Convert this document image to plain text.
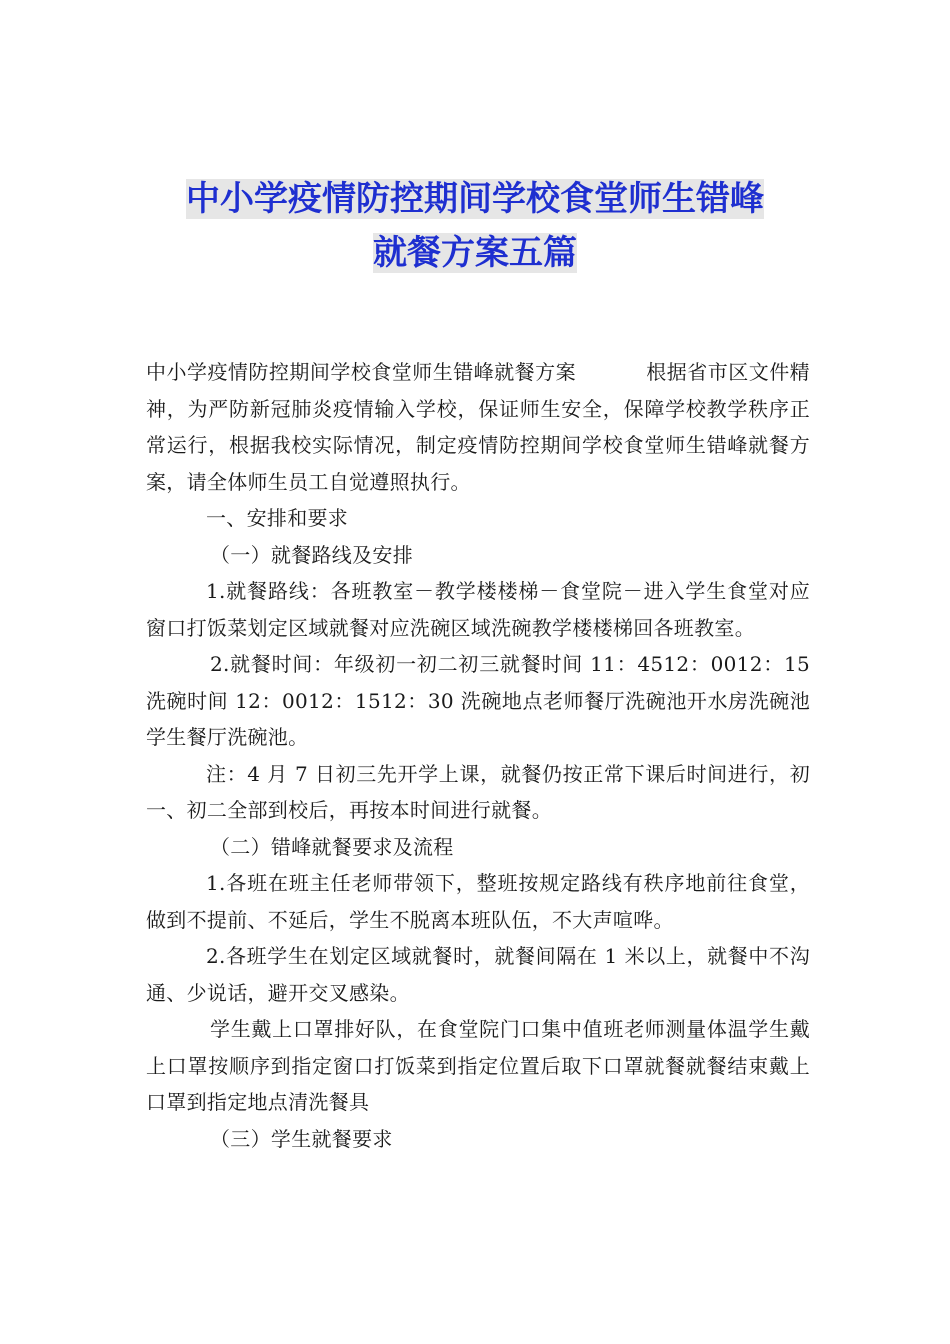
中小学疫情防控期间学校食堂师生错峰
就餐方案五篇

中小学疫情防控期间学校食堂师生错峰就餐方案	根据省市区文件精神，为严防新冠肺炎疫情输入学校，保证师生安全，保障学校教学秩序正常运行，根据我校实际情况，制定疫情防控期间学校食堂师生错峰就餐方案，请全体师生员工自觉遵照执行。

一、安排和要求

（一）就餐路线及安排

1.就餐路线：各班教室－教学楼楼梯－食堂院－进入学生食堂对应窗口打饭菜划定区域就餐对应洗碗区域洗碗教学楼楼梯回各班教室。

2.就餐时间：年级初一初二初三就餐时间 11：4512：0012：15 洗碗时间 12：0012：1512：30 洗碗地点老师餐厅洗碗池开水房洗碗池学生餐厅洗碗池。

注：4 月 7 日初三先开学上课，就餐仍按正常下课后时间进行，初一、初二全部到校后，再按本时间进行就餐。

（二）错峰就餐要求及流程

1.各班在班主任老师带领下，整班按规定路线有秩序地前往食堂，做到不提前、不延后，学生不脱离本班队伍，不大声喧哗。

2.各班学生在划定区域就餐时，就餐间隔在 1 米以上，就餐中不沟通、少说话，避开交叉感染。

学生戴上口罩排好队，在食堂院门口集中值班老师测量体温学生戴上口罩按顺序到指定窗口打饭菜到指定位置后取下口罩就餐就餐结束戴上口罩到指定地点清洗餐具

（三）学生就餐要求
